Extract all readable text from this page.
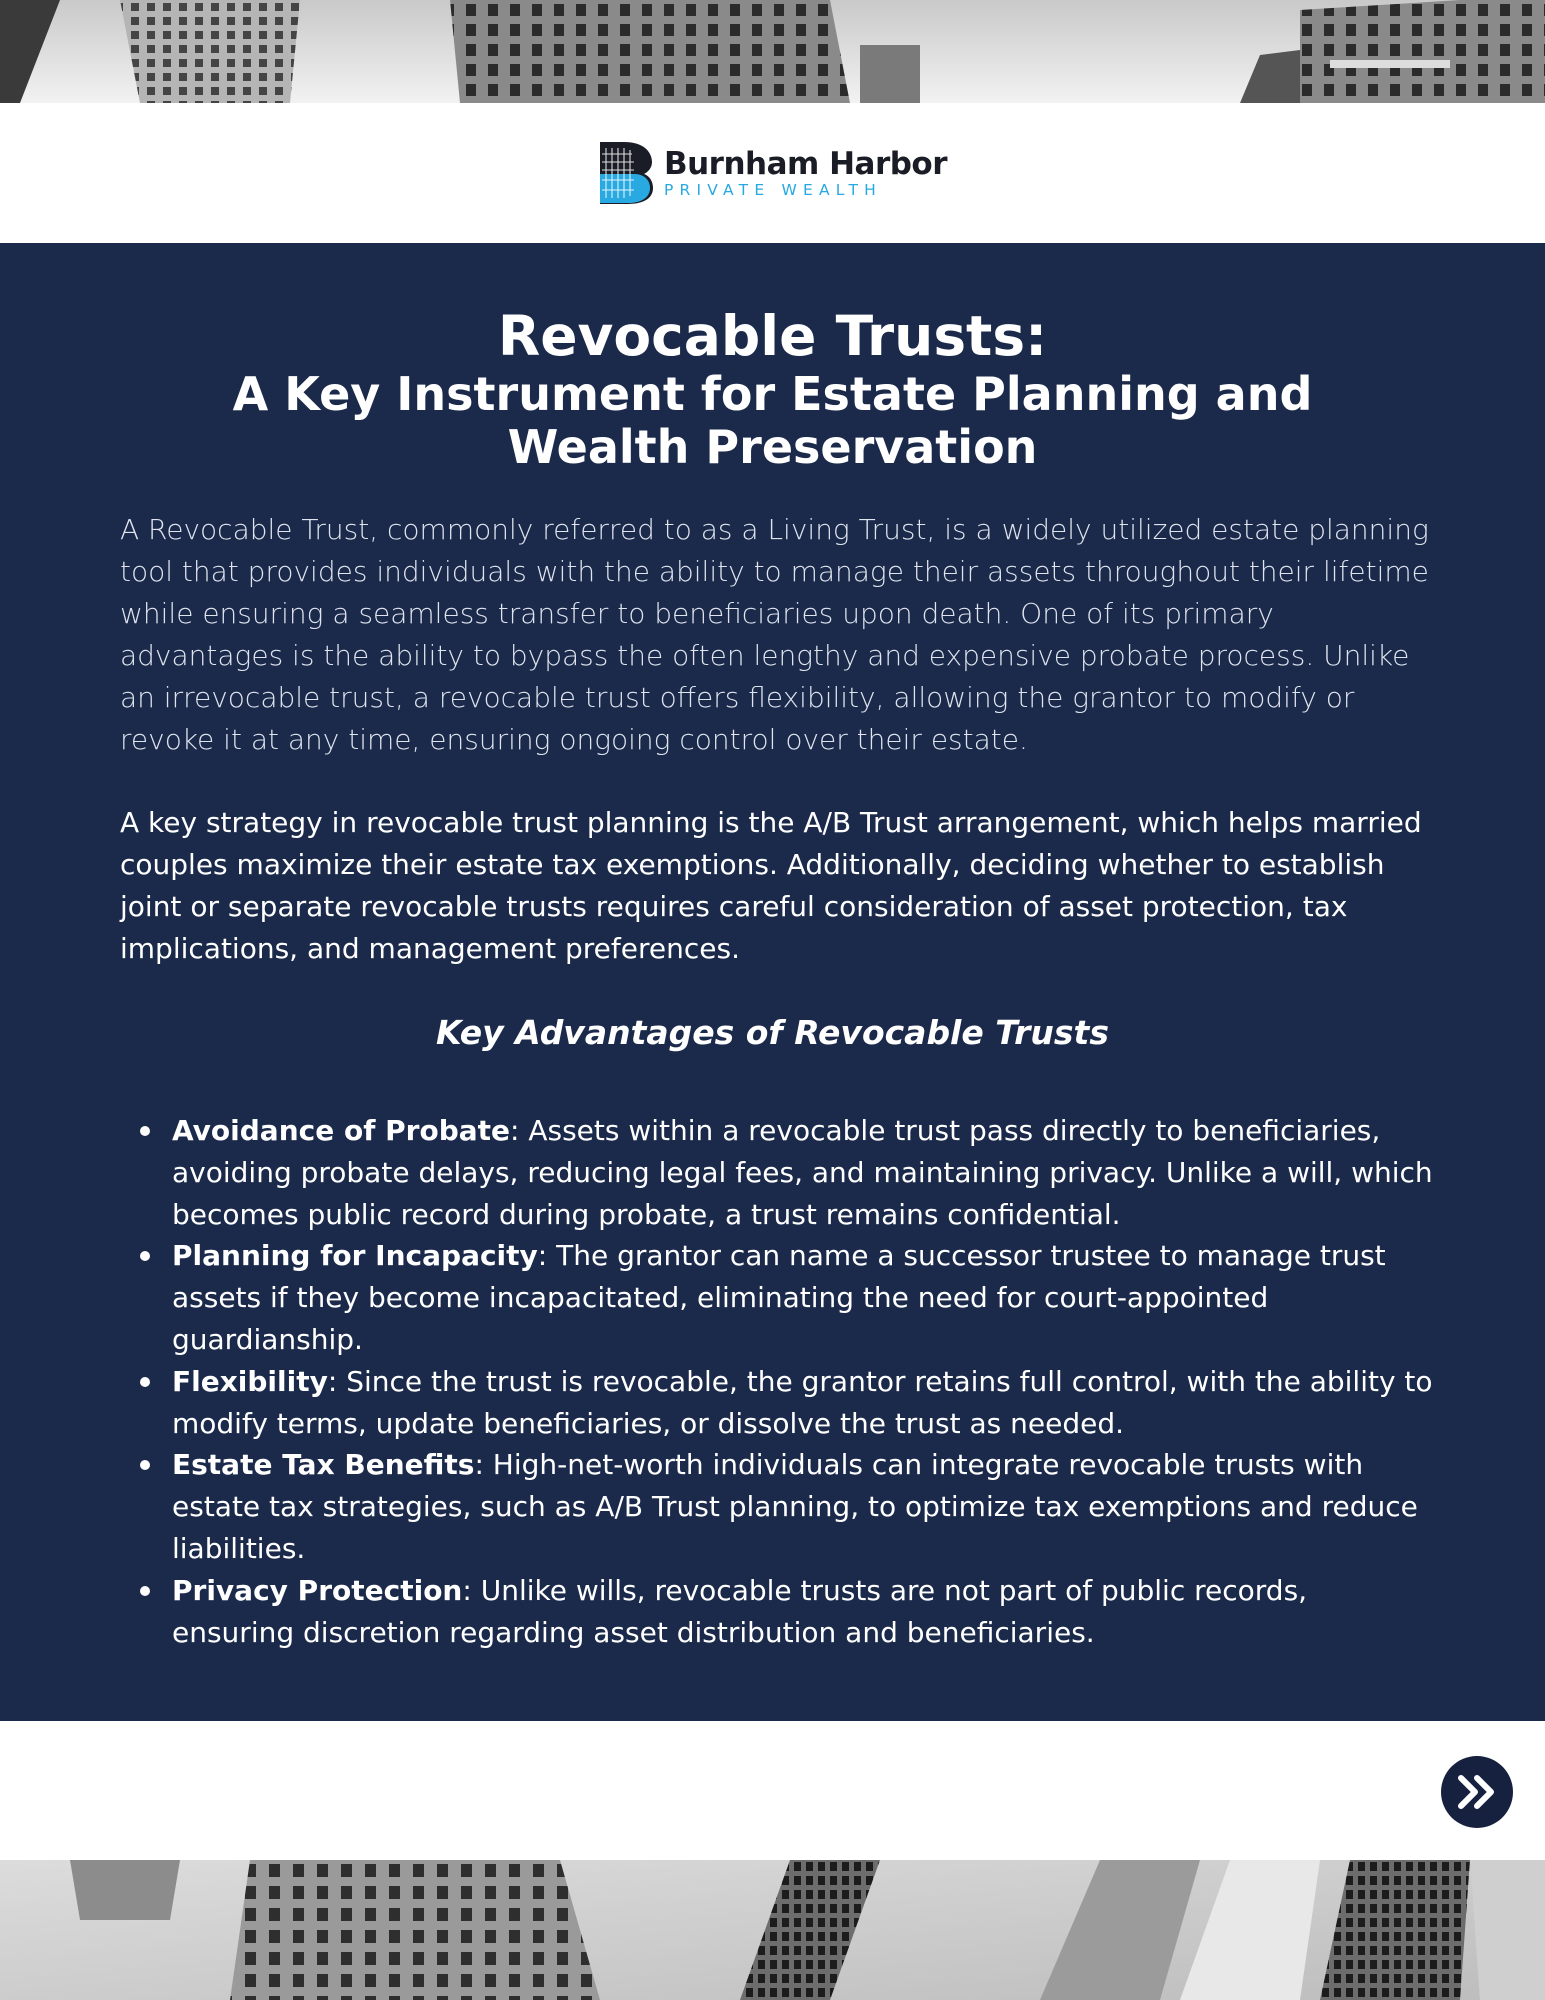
Burnham Harbor
PRIVATE WEALTH
Revocable Trusts:
A Key Instrument for Estate Planning and Wealth Preservation

A Revocable Trust, commonly referred to as a Living Trust, is a widely utilized estate planning tool that provides individuals with the ability to manage their assets throughout their lifetime while ensuring a seamless transfer to beneficiaries upon death. One of its primary advantages is the ability to bypass the often lengthy and expensive probate process. Unlike an irrevocable trust, a revocable trust offers flexibility, allowing the grantor to modify or revoke it at any time, ensuring ongoing control over their estate.

A key strategy in revocable trust planning is the A/B Trust arrangement, which helps married couples maximize their estate tax exemptions. Additionally, deciding whether to establish joint or separate revocable trusts requires careful consideration of asset protection, tax implications, and management preferences.

Key Advantages of Revocable Trusts
Avoidance of Probate: Assets within a revocable trust pass directly to beneficiaries, avoiding probate delays, reducing legal fees, and maintaining privacy. Unlike a will, which becomes public record during probate, a trust remains confidential.
Planning for Incapacity: The grantor can name a successor trustee to manage trust assets if they become incapacitated, eliminating the need for court-appointed guardianship.
Flexibility: Since the trust is revocable, the grantor retains full control, with the ability to modify terms, update beneficiaries, or dissolve the trust as needed.
Estate Tax Benefits: High-net-worth individuals can integrate revocable trusts with estate tax strategies, such as A/B Trust planning, to optimize tax exemptions and reduce liabilities.
Privacy Protection: Unlike wills, revocable trusts are not part of public records, ensuring discretion regarding asset distribution and beneficiaries.
